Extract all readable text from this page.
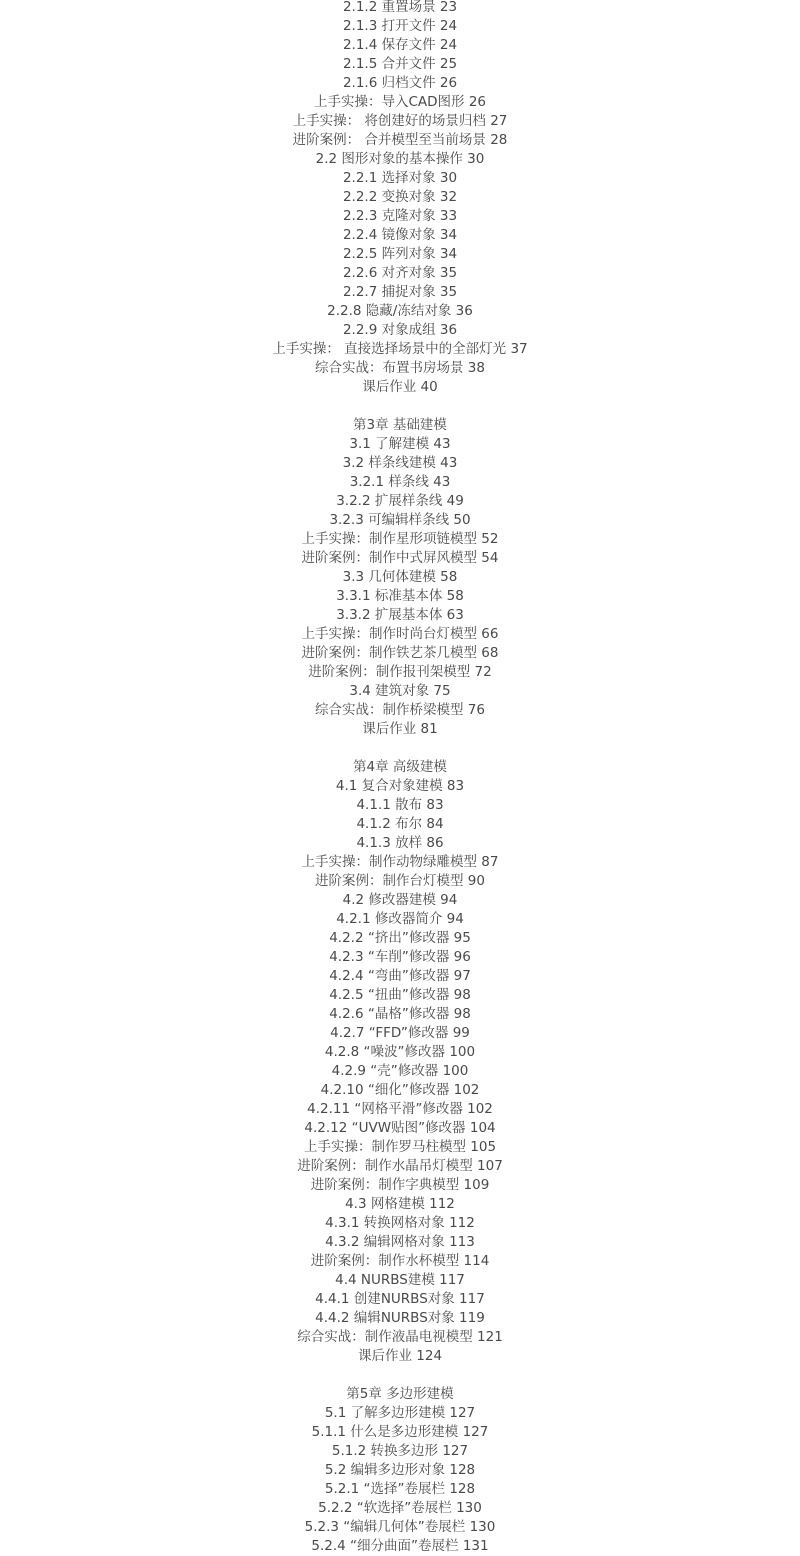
2.1.2 重置场景 23
2.1.3 打开文件 24
2.1.4 保存文件 24
2.1.5 合并文件 25
2.1.6 归档文件 26
上手实操：导入CAD图形 26
上手实操： 将创建好的场景归档 27
进阶案例： 合并模型至当前场景 28
2.2 图形对象的基本操作 30
2.2.1 选择对象 30
2.2.2 变换对象 32
2.2.3 克隆对象 33
2.2.4 镜像对象 34
2.2.5 阵列对象 34
2.2.6 对齐对象 35
2.2.7 捕捉对象 35
2.2.8 隐藏/冻结对象 36
2.2.9 对象成组 36
上手实操： 直接选择场景中的全部灯光 37
综合实战：布置书房场景 38
课后作业 40
第3章 基础建模
3.1 了解建模 43
3.2 样条线建模 43
3.2.1 样条线 43
3.2.2 扩展样条线 49
3.2.3 可编辑样条线 50
上手实操：制作星形项链模型 52
进阶案例：制作中式屏风模型 54
3.3 几何体建模 58
3.3.1 标准基本体 58
3.3.2 扩展基本体 63
上手实操：制作时尚台灯模型 66
进阶案例：制作铁艺茶几模型 68
进阶案例：制作报刊架模型 72
3.4 建筑对象 75
综合实战：制作桥梁模型 76
课后作业 81
第4章 高级建模
4.1 复合对象建模 83
4.1.1 散布 83
4.1.2 布尔 84
4.1.3 放样 86
上手实操：制作动物绿雕模型 87
进阶案例：制作台灯模型 90
4.2 修改器建模 94
4.2.1 修改器简介 94
4.2.2 “挤出”修改器 95
4.2.3 “车削”修改器 96
4.2.4 “弯曲”修改器 97
4.2.5 “扭曲”修改器 98
4.2.6 “晶格”修改器 98
4.2.7 “FFD”修改器 99
4.2.8 “噪波”修改器 100
4.2.9 “壳”修改器 100
4.2.10 “细化”修改器 102
4.2.11 “网格平滑”修改器 102
4.2.12 “UVW贴图”修改器 104
上手实操：制作罗马柱模型 105
进阶案例：制作水晶吊灯模型 107
进阶案例：制作字典模型 109
4.3 网格建模 112
4.3.1 转换网格对象 112
4.3.2 编辑网格对象 113
进阶案例：制作水杯模型 114
4.4 NURBS建模 117
4.4.1 创建NURBS对象 117
4.4.2 编辑NURBS对象 119
综合实战：制作液晶电视模型 121
课后作业 124
第5章 多边形建模
5.1 了解多边形建模 127
5.1.1 什么是多边形建模 127
5.1.2 转换多边形 127
5.2 编辑多边形对象 128
5.2.1 “选择”卷展栏 128
5.2.2 “软选择”卷展栏 130
5.2.3 “编辑几何体”卷展栏 130
5.2.4 “细分曲面”卷展栏 131
